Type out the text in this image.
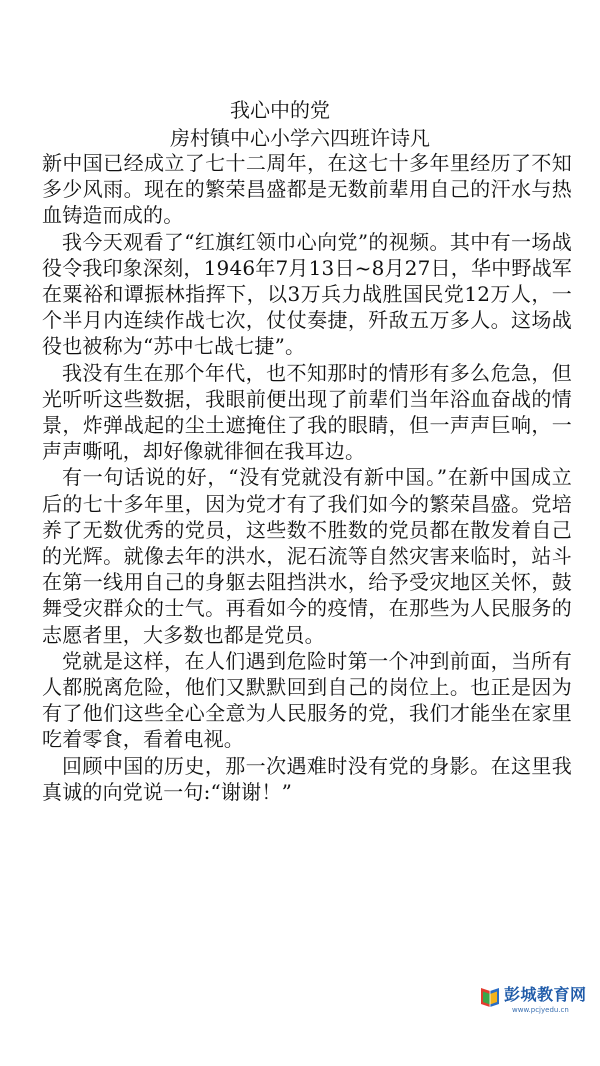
我心中的党
房村镇中心小学六四班许诗凡

新中国已经成立了七十二周年，在这七十多年里经历了不知多少风雨。现在的繁荣昌盛都是无数前辈用自己的汗水与热血铸造而成的。

我今天观看了“红旗红领巾心向党”的视频。其中有一场战役令我印象深刻，1946年7月13日~8月27日，华中野战军在粟裕和谭振林指挥下，以3万兵力战胜国民党12万人，一个半月内连续作战七次，仗仗奏捷，歼敌五万多人。这场战役也被称为“苏中七战七捷”。

我没有生在那个年代，也不知那时的情形有多么危急，但光听听这些数据，我眼前便出现了前辈们当年浴血奋战的情景，炸弹战起的尘土遮掩住了我的眼睛，但一声声巨响，一声声嘶吼，却好像就徘徊在我耳边。

有一句话说的好，“没有党就没有新中国。”在新中国成立后的七十多年里，因为党才有了我们如今的繁荣昌盛。党培养了无数优秀的党员，这些数不胜数的党员都在散发着自己的光辉。就像去年的洪水，泥石流等自然灾害来临时，站斗在第一线用自己的身躯去阻挡洪水，给予受灾地区关怀，鼓舞受灾群众的士气。再看如今的疫情，在那些为人民服务的志愿者里，大多数也都是党员。

党就是这样，在人们遇到危险时第一个冲到前面，当所有人都脱离危险，他们又默默回到自己的岗位上。也正是因为有了他们这些全心全意为人民服务的党，我们才能坐在家里吃着零食，看着电视。

回顾中国的历史，那一次遇难时没有党的身影。在这里我真诚的向党说一句:“谢谢！”

彭城教育网
www.pcjyedu.cn
